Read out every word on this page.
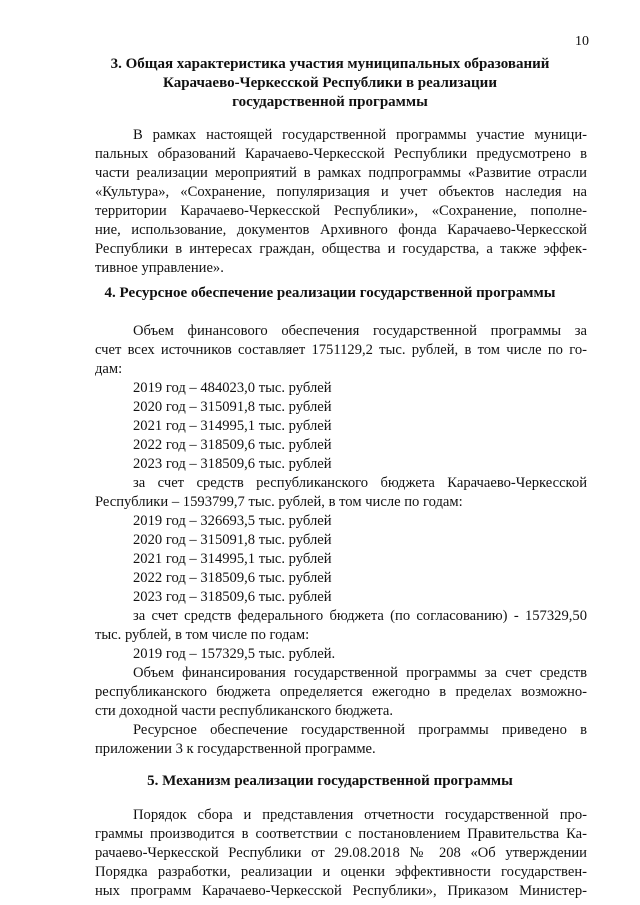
10
3. Общая характеристика участия муниципальных образований
Карачаево-Черкесской Республики в реализации
государственной программы
В рамках настоящей государственной программы участие муници-
пальных образований Карачаево-Черкесской Республики предусмотрено в
части реализации мероприятий в рамках подпрограммы «Развитие отрасли
«Культура», «Сохранение, популяризация и учет объектов наследия на
территории Карачаево-Черкесской Республики», «Сохранение, пополне-
ние, использование, документов Архивного фонда Карачаево-Черкесской
Республики в интересах граждан, общества и государства, а также эффек-
тивное управление».
4. Ресурсное обеспечение реализации государственной программы
Объем финансового обеспечения государственной программы за
счет всех источников составляет 1751129,2 тыс. рублей, в том числе по го-
дам:
2019 год – 484023,0 тыс. рублей
2020 год – 315091,8 тыс. рублей
2021 год – 314995,1 тыс. рублей
2022 год – 318509,6 тыс. рублей
2023 год – 318509,6 тыс. рублей
за счет средств республиканского бюджета Карачаево-Черкесской
Республики – 1593799,7 тыс. рублей, в том числе по годам:
2019 год – 326693,5 тыс. рублей
2020 год – 315091,8 тыс. рублей
2021 год – 314995,1 тыс. рублей
2022 год – 318509,6 тыс. рублей
2023 год – 318509,6 тыс. рублей
за счет средств федерального бюджета (по согласованию) - 157329,50
тыс. рублей, в том числе по годам:
2019 год – 157329,5 тыс. рублей.
Объем финансирования государственной программы за счет средств
республиканского бюджета определяется ежегодно в пределах возможно-
сти доходной части республиканского бюджета.
Ресурсное обеспечение государственной программы приведено в
приложении 3 к государственной программе.
5. Механизм реализации государственной программы
Порядок сбора и представления отчетности государственной про-
граммы производится в соответствии с постановлением Правительства Ка-
рачаево-Черкесской Республики от 29.08.2018 № 208 «Об утверждении
Порядка разработки, реализации и оценки эффективности государствен-
ных программ Карачаево-Черкесской Республики», Приказом Министер-
